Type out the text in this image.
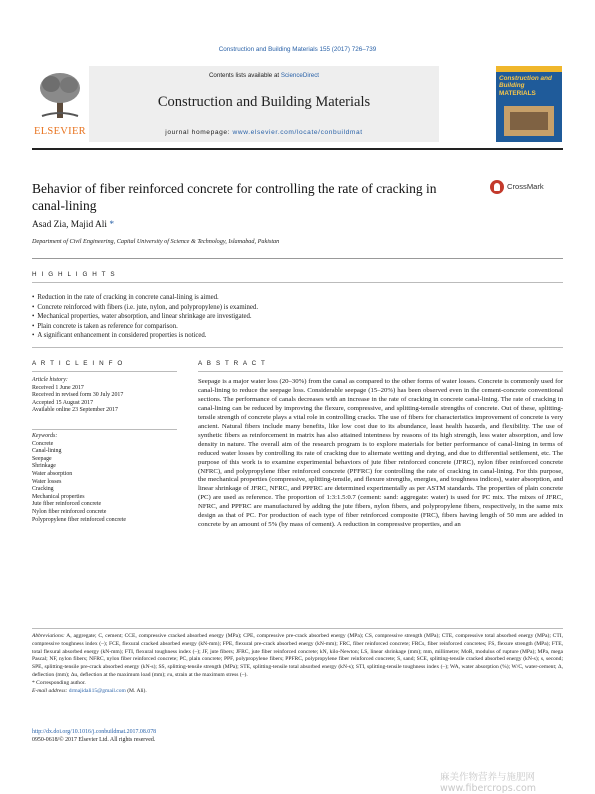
Construction and Building Materials 155 (2017) 726–739
ELSEVIER
Contents lists available at ScienceDirect
Construction and Building Materials
journal homepage: www.elsevier.com/locate/conbuildmat
Construction and Building
MATERIALS
Behavior of fiber reinforced concrete for controlling the rate of cracking in canal-lining
CrossMark
Asad Zia, Majid Ali *
Department of Civil Engineering, Capital University of Science & Technology, Islamabad, Pakistan
H I G H L I G H T S
• Reduction in the rate of cracking in concrete canal-lining is aimed.
• Concrete reinforced with fibers (i.e. jute, nylon, and polypropylene) is examined.
• Mechanical properties, water absorption, and linear shrinkage are investigated.
• Plain concrete is taken as reference for comparison.
• A significant enhancement in considered properties is noticed.
A R T I C L E I N F O	A B S T R A C T
Article history:
Received 1 June 2017
Received in revised form 30 July 2017
Accepted 15 August 2017
Available online 23 September 2017
Keywords:
Concrete
Canal-lining
Seepage
Shrinkage
Water absorption
Water losses
Cracking
Mechanical properties
Jute fiber reinforced concrete
Nylon fiber reinforced concrete
Polypropylene fiber reinforced concrete
Seepage is a major water loss (20–30%) from the canal as compared to the other forms of water losses. Concrete is commonly used for canal-lining to reduce the seepage loss. Considerable seepage (15–20%) has been observed even in the cement-concrete conventional sections. The performance of canals decreases with an increase in the rate of cracking in concrete canal-lining. The rate of cracking in canal-lining can be reduced by improving the flexure, compressive, and splitting-tensile strengths of concrete. Out of these, splitting-tensile strength of concrete plays a vital role in controlling cracks. The use of fibers for characteristics improvement of concrete is very ancient. Natural fibers include many benefits, like low cost due to its abundance, least health hazards, and flexibility. The use of synthetic fibers as reinforcement in matrix has also attained intentness by reasons of its high strength, less water absorption, and low density in nature. The overall aim of the research program is to explore materials for better performance of canal-lining in terms of reduced water losses by controlling its rate of cracking due to alternate wetting and drying, and due to differential settlement, etc. The purpose of this work is to examine experimental behaviors of jute fiber reinforced concrete (JFRC), nylon fiber reinforced concrete (NFRC), and polypropylene fiber reinforced concrete (PFFRC) for controlling the rate of cracking in canal-lining. For this purpose, the mechanical properties (compressive, splitting-tensile, and flexure strengths, energies, and toughness indices), water absorption, and linear shrinkage of JFRC, NFRC, and PPFRC are determined experimentally as per ASTM standards. The properties of plain concrete (PC) are used as reference. The proportion of 1:3:1.5:0.7 (cement: sand: aggregate: water) is used for PC mix. The mixes of JFRC, NFRC, and PPFRC are manufactured by adding the jute fibers, nylon fibers, and polypropylene fibers, respectively, in the same mix design as that of PC. For production of each type of fiber reinforced composite (FRC), fibers having length of 50 mm are added in concrete by an amount of 5% (by mass of cement). A reduction in compressive properties, and an
Abbreviations: A, aggregate; C, cement; CCE, compressive cracked absorbed energy (MPa); CPE, compressive pre-crack absorbed energy (MPa); CS, compressive strength (MPa); CTE, compressive total absorbed energy (MPa); CTI, compressive toughness index (–); FCE, flexural cracked absorbed energy (kN-mm); FPE, flexural pre-crack absorbed energy (kN-mm); FRC, fiber reinforced concrete; FRCs, fiber reinforced concretes; FS, flexure strength (MPa); FTE, total flexural absorbed energy (kN-mm); FTI, flexural toughness index (–); JF, jute fibers; JFRC, jute fiber reinforced concrete; kN, kilo-Newton; LS, linear shrinkage (mm); mm, millimetre; MoR, modulus of rupture (MPa); MPa, mega Pascal; NF, nylon fibers; NFRC, nylon fiber reinforced concrete; PC, plain concrete; PPF, polypropylene fibers; PPFRC, polypropylene fiber reinforced concrete; S, sand; SCE, splitting-tensile cracked absorbed energy (kN-s); s, second; SPE, splitting-tensile pre-crack absorbed energy (kN-s); SS, splitting-tensile strength (MPa); STE, splitting-tensile total absorbed energy (kN-s); STI, splitting-tensile toughness index (–); WA, water absorption (%); W/C, water-cement; Δ, deflection (mm); Δu, deflection at the maximum load (mm); εu, strain at the maximum stress (–).
* Corresponding author.
E-mail address: drmajidali15@gmail.com (M. Ali).
http://dx.doi.org/10.1016/j.conbuildmat.2017.08.078
0950-0618/© 2017 Elsevier Ltd. All rights reserved.
麻美作物营养与施肥网 www.fibercrops.com
